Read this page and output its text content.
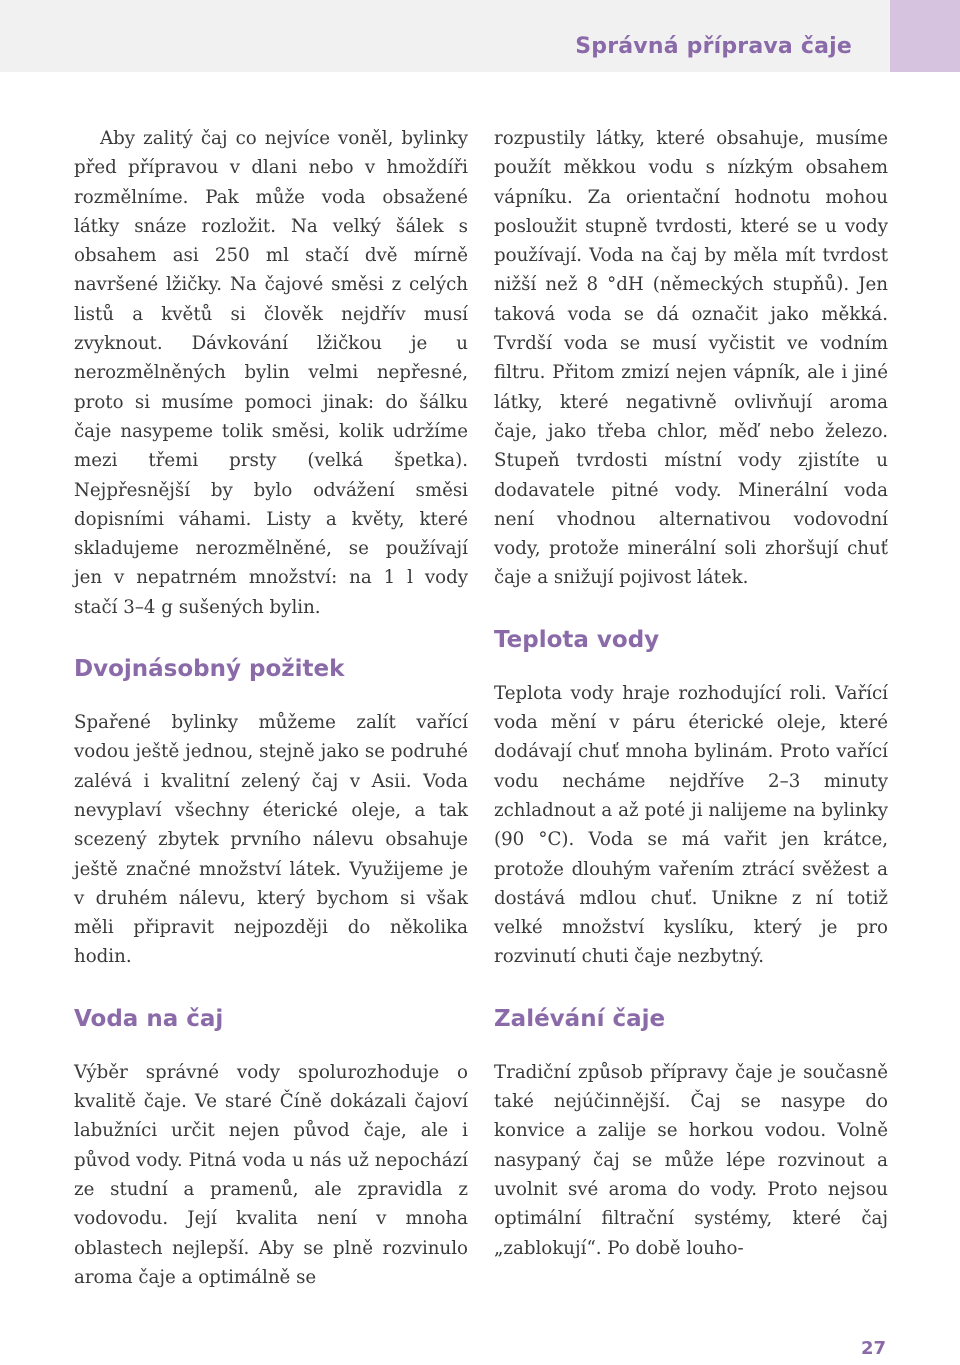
Správná příprava čaje

Aby zalitý čaj co nejvíce voněl, bylinky před přípravou v dlani nebo v hmoždíři rozmělníme. Pak může voda obsažené látky snáze rozložit. Na velký šálek s obsahem asi 250 ml stačí dvě mírně navršené lžičky. Na čajové směsi z celých listů a květů si člověk nejdřív musí zvyknout. Dávkování lžičkou je u nerozmělněných bylin velmi nepřesné, proto si musíme pomoci jinak: do šálku čaje nasypeme tolik směsi, kolik udržíme mezi třemi prsty (velká špetka). Nejpřesnější by bylo odvážení směsi dopisními váhami. Listy a květy, které skladujeme nerozmělněné, se používají jen v nepatrném množství: na 1 l vody stačí 3–4 g sušených bylin.

Dvojnásobný požitek

Spařené bylinky můžeme zalít vařící vodou ještě jednou, stejně jako se podruhé zalévá i kvalitní zelený čaj v Asii. Voda nevyplaví všechny éterické oleje, a tak scezený zbytek prvního nálevu obsahuje ještě značné množství látek. Využijeme je v druhém nálevu, který bychom si však měli připravit nejpozději do několika hodin.

Voda na čaj

Výběr správné vody spolurozhoduje o kvalitě čaje. Ve staré Číně dokázali čajoví labužníci určit nejen původ čaje, ale i původ vody. Pitná voda u nás už nepochází ze studní a pramenů, ale zpravidla z vodovodu. Její kvalita není v mnoha oblastech nejlepší. Aby se plně rozvinulo aroma čaje a optimálně se

rozpustily látky, které obsahuje, musíme použít měkkou vodu s nízkým obsahem vápníku. Za orientační hodnotu mohou posloužit stupně tvrdosti, které se u vody používají. Voda na čaj by měla mít tvrdost nižší než 8 °dH (německých stupňů). Jen taková voda se dá označit jako měkká. Tvrdší voda se musí vyčistit ve vodním filtru. Přitom zmizí nejen vápník, ale i jiné látky, které negativně ovlivňují aroma čaje, jako třeba chlor, měď nebo železo. Stupeň tvrdosti místní vody zjistíte u dodavatele pitné vody. Minerální voda není vhodnou alternativou vodovodní vody, protože minerální soli zhoršují chuť čaje a snižují pojivost látek.

Teplota vody

Teplota vody hraje rozhodující roli. Vařící voda mění v páru éterické oleje, které dodávají chuť mnoha bylinám. Proto vařící vodu necháme nejdříve 2–3 minuty zchladnout a až poté ji nalijeme na bylinky (90 °C). Voda se má vařit jen krátce, protože dlouhým vařením ztrácí svěžest a dostává mdlou chuť. Unikne z ní totiž velké množství kyslíku, který je pro rozvinutí chuti čaje nezbytný.

Zalévání čaje

Tradiční způsob přípravy čaje je současně také nejúčinnější. Čaj se nasype do konvice a zalije se horkou vodou. Volně nasypaný čaj se může lépe rozvinout a uvolnit své aroma do vody. Proto nejsou optimální filtrační systémy, které čaj „zablokují“. Po době louho-

27
